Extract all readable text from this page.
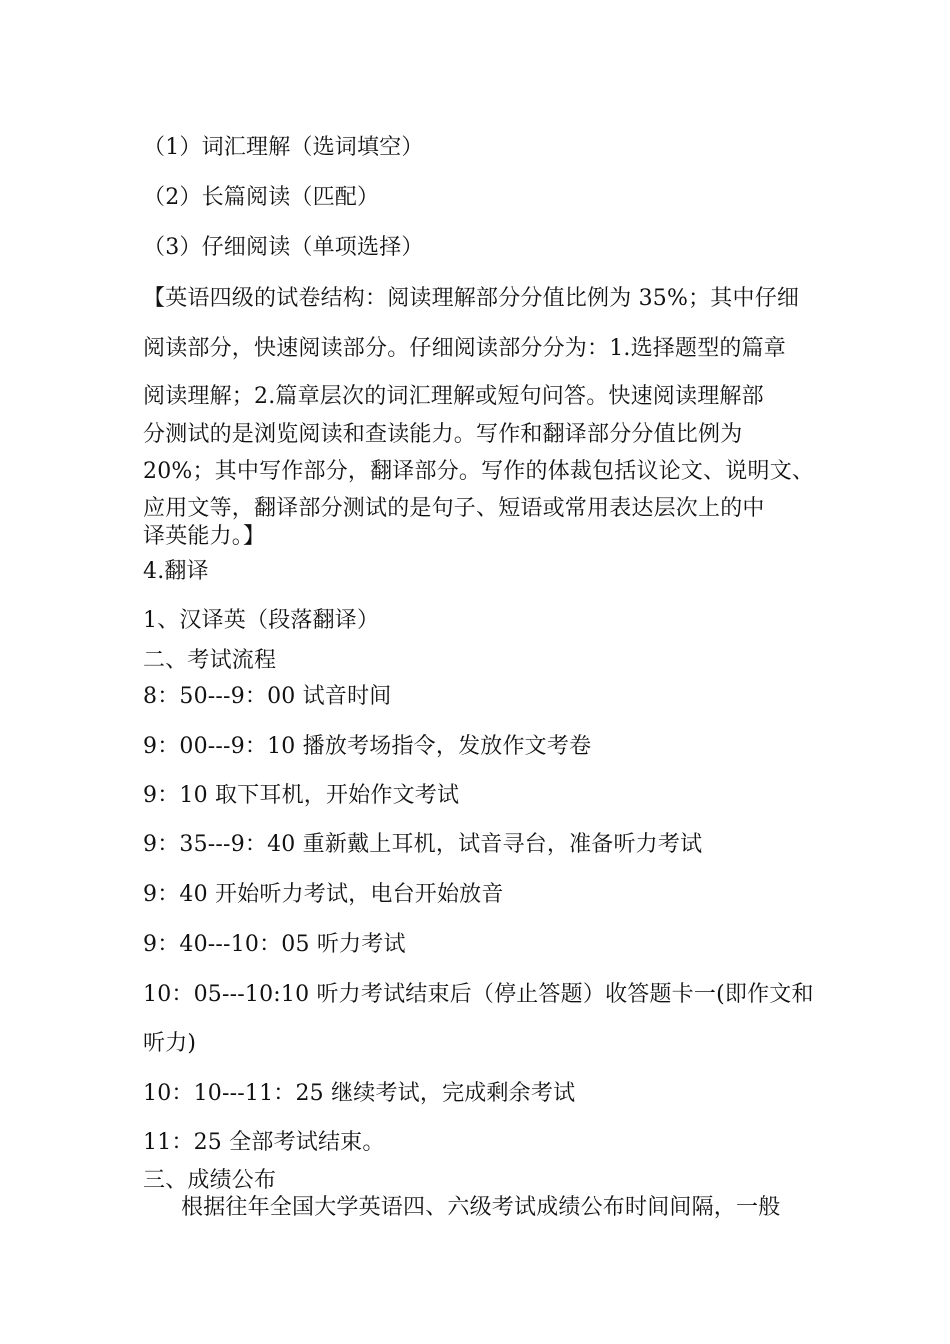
（1）词汇理解（选词填空）
（2）长篇阅读（匹配）
（3）仔细阅读（单项选择）
【英语四级的试卷结构：阅读理解部分分值比例为 35%；其中仔细
阅读部分，快速阅读部分。仔细阅读部分分为：1.选择题型的篇章
阅读理解；2.篇章层次的词汇理解或短句问答。快速阅读理解部
分测试的是浏览阅读和查读能力。写作和翻译部分分值比例为
20%；其中写作部分，翻译部分。写作的体裁包括议论文、说明文、
应用文等，翻译部分测试的是句子、短语或常用表达层次上的中
译英能力。】
4.翻译
1、汉译英（段落翻译）
二、考试流程
8：50---9：00 试音时间
9：00---9：10 播放考场指令，发放作文考卷
9：10 取下耳机，开始作文考试
9：35---9：40 重新戴上耳机，试音寻台，准备听力考试
9：40 开始听力考试，电台开始放音
9：40---10：05 听力考试
10：05---10:10 听力考试结束后（停止答题）收答题卡一(即作文和
听力)
10：10---11：25 继续考试，完成剩余考试
11：25 全部考试结束。
三、成绩公布
根据往年全国大学英语四、六级考试成绩公布时间间隔，一般
